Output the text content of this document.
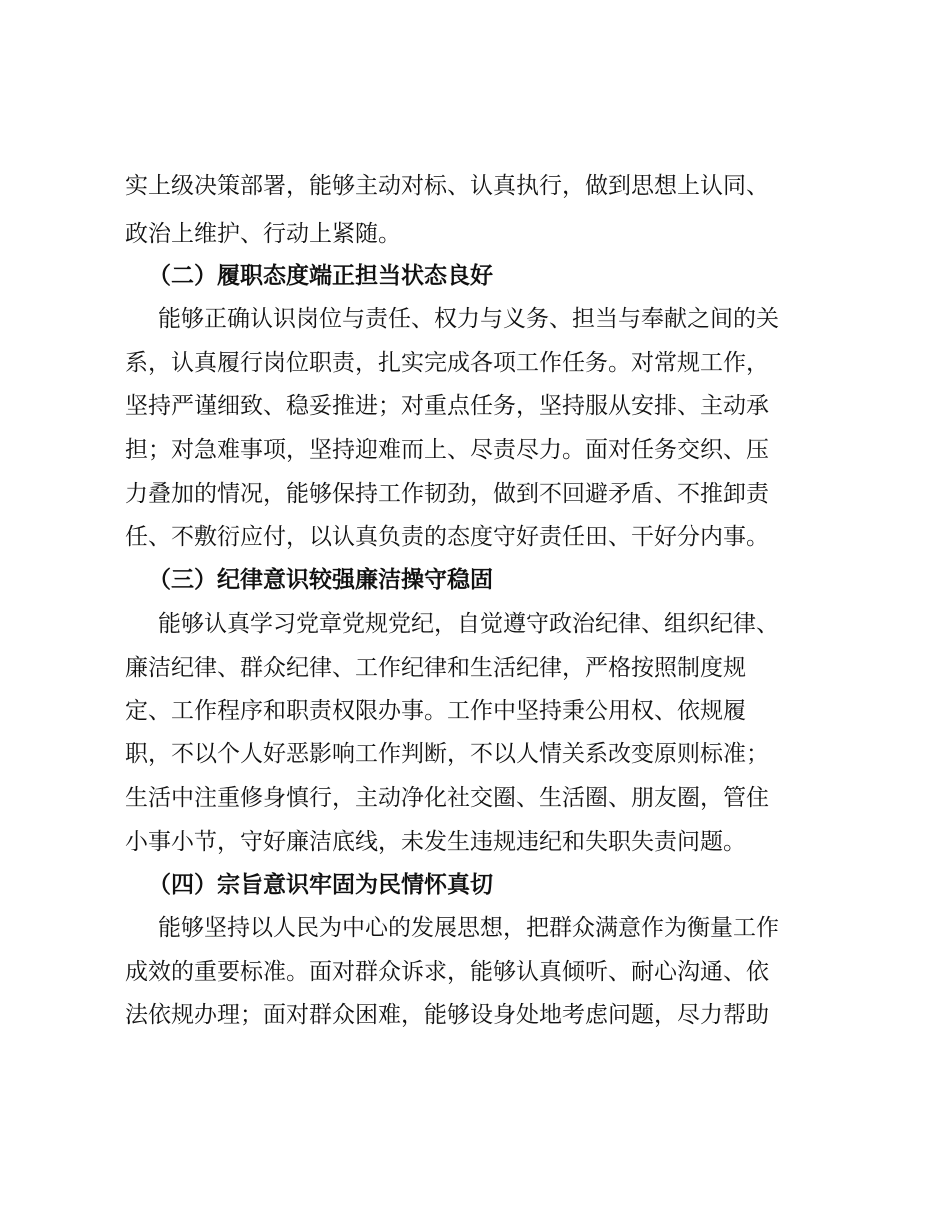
实上级决策部署，能够主动对标、认真执行，做到思想上认同、
政治上维护、行动上紧随。
（二）履职态度端正担当状态良好
能够正确认识岗位与责任、权力与义务、担当与奉献之间的关
系，认真履行岗位职责，扎实完成各项工作任务。对常规工作，
坚持严谨细致、稳妥推进；对重点任务，坚持服从安排、主动承
担；对急难事项，坚持迎难而上、尽责尽力。面对任务交织、压
力叠加的情况，能够保持工作韧劲，做到不回避矛盾、不推卸责
任、不敷衍应付，以认真负责的态度守好责任田、干好分内事。
（三）纪律意识较强廉洁操守稳固
能够认真学习党章党规党纪，自觉遵守政治纪律、组织纪律、
廉洁纪律、群众纪律、工作纪律和生活纪律，严格按照制度规
定、工作程序和职责权限办事。工作中坚持秉公用权、依规履
职，不以个人好恶影响工作判断，不以人情关系改变原则标准；
生活中注重修身慎行，主动净化社交圈、生活圈、朋友圈，管住
小事小节，守好廉洁底线，未发生违规违纪和失职失责问题。
（四）宗旨意识牢固为民情怀真切
能够坚持以人民为中心的发展思想，把群众满意作为衡量工作
成效的重要标准。面对群众诉求，能够认真倾听、耐心沟通、依
法依规办理；面对群众困难，能够设身处地考虑问题，尽力帮助
